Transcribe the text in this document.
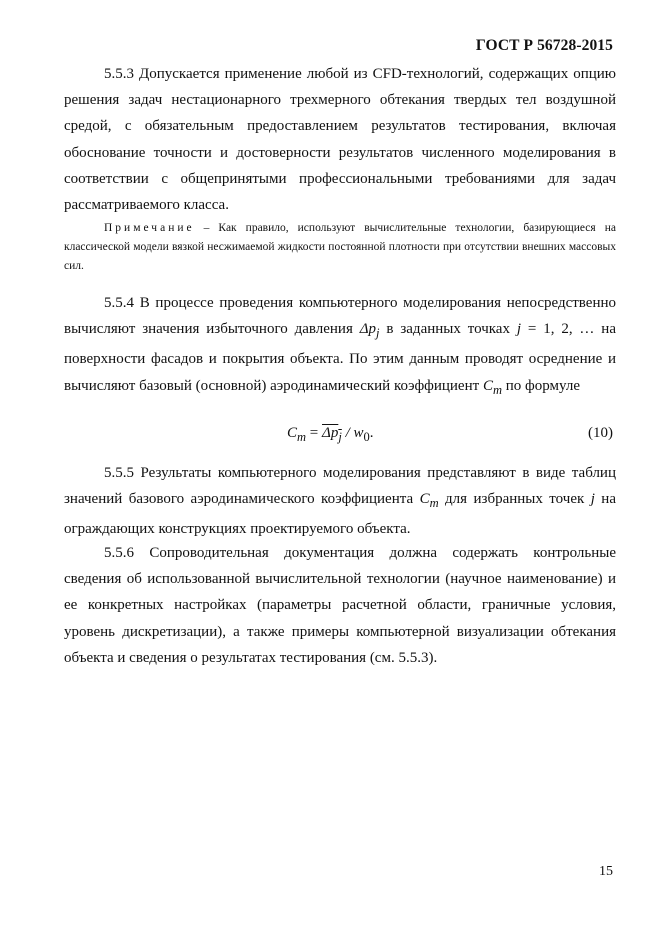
ГОСТ Р 56728-2015

5.5.3 Допускается применение любой из CFD-технологий, содержащих опцию решения задач нестационарного трехмерного обтекания твердых тел воздушной средой, с обязательным предоставлением результатов тестирования, включая обоснование точности и достоверности результатов численного моделирования в соответствии с общепринятыми профессиональными требованиями для задач рассматриваемого класса.

Примечание – Как правило, используют вычислительные технологии, базирующиеся на классической модели вязкой несжимаемой жидкости постоянной плотности при отсутствии внешних массовых сил.

5.5.4 В процессе проведения компьютерного моделирования непосредственно вычисляют значения избыточного давления $\Delta p_j$ в заданных точках j = 1, 2, … на поверхности фасадов и покрытия объекта. По этим данным проводят осреднение и вычисляют базовый (основной) аэродинамический коэффициент $C_m$ по формуле

$C_m = \Delta p_j / w_0$.	(10)

5.5.5 Результаты компьютерного моделирования представляют в виде таблиц значений базового аэродинамического коэффициента $C_m$ для избранных точек j на ограждающих конструкциях проектируемого объекта.

5.5.6 Сопроводительная документация должна содержать контрольные сведения об использованной вычислительной технологии (научное наименование) и ее конкретных настройках (параметры расчетной области, граничные условия, уровень дискретизации), а также примеры компьютерной визуализации обтекания объекта и сведения о результатах тестирования (см. 5.5.3).

15
